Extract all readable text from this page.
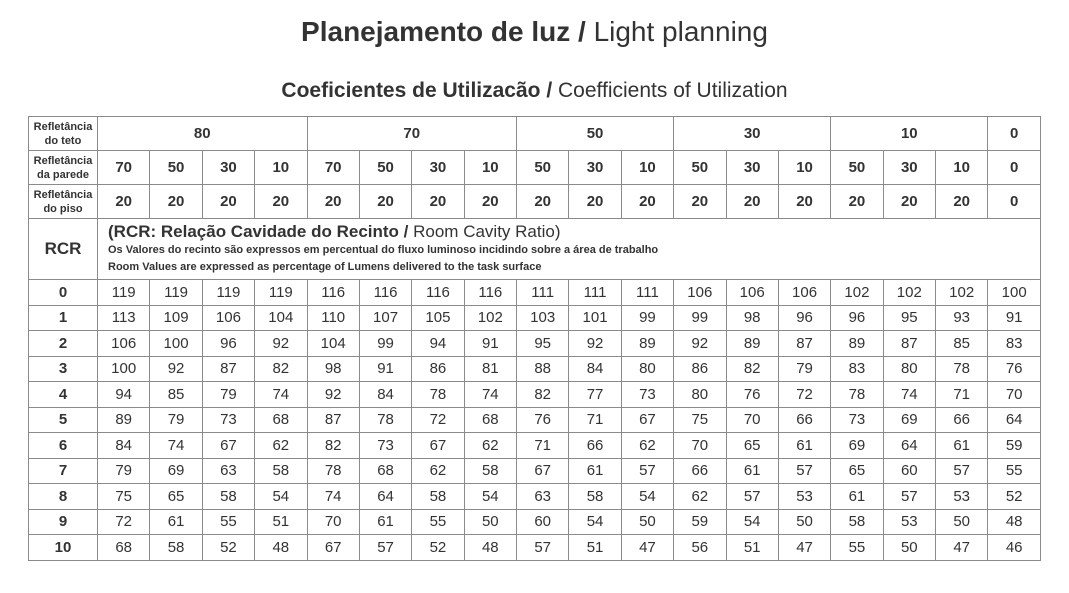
Planejamento de luz / Light planning
Coeficientes de Utilizacão / Coefficients of Utilization
Refletância
do teto	80				70				50			30			10			0
Refletância
da parede	70	50	30	10	70	50	30	10	50	30	10	50	30	10	50	30	10	0
Refletância
do piso	20	20	20	20	20	20	20	20	20	20	20	20	20	20	20	20	20	0
RCR	(RCR: Relação Cavidade do Recinto / Room Cavity Ratio)
Os Valores do recinto são expressos em percentual do fluxo luminoso incidindo sobre a área de trabalho
Room Values are expressed as percentage of Lumens delivered to the task surface																	

0	119	119	119	119	116	116	116	116	111	111	111	106	106	106	102	102	102	100
1	113	109	106	104	110	107	105	102	103	101	99	99	98	96	96	95	93	91
2	106	100	96	92	104	99	94	91	95	92	89	92	89	87	89	87	85	83
3	100	92	87	82	98	91	86	81	88	84	80	86	82	79	83	80	78	76
4	94	85	79	74	92	84	78	74	82	77	73	80	76	72	78	74	71	70
5	89	79	73	68	87	78	72	68	76	71	67	75	70	66	73	69	66	64
6	84	74	67	62	82	73	67	62	71	66	62	70	65	61	69	64	61	59
7	79	69	63	58	78	68	62	58	67	61	57	66	61	57	65	60	57	55
8	75	65	58	54	74	64	58	54	63	58	54	62	57	53	61	57	53	52
9	72	61	55	51	70	61	55	50	60	54	50	59	54	50	58	53	50	48
10	68	58	52	48	67	57	52	48	57	51	47	56	51	47	55	50	47	46
